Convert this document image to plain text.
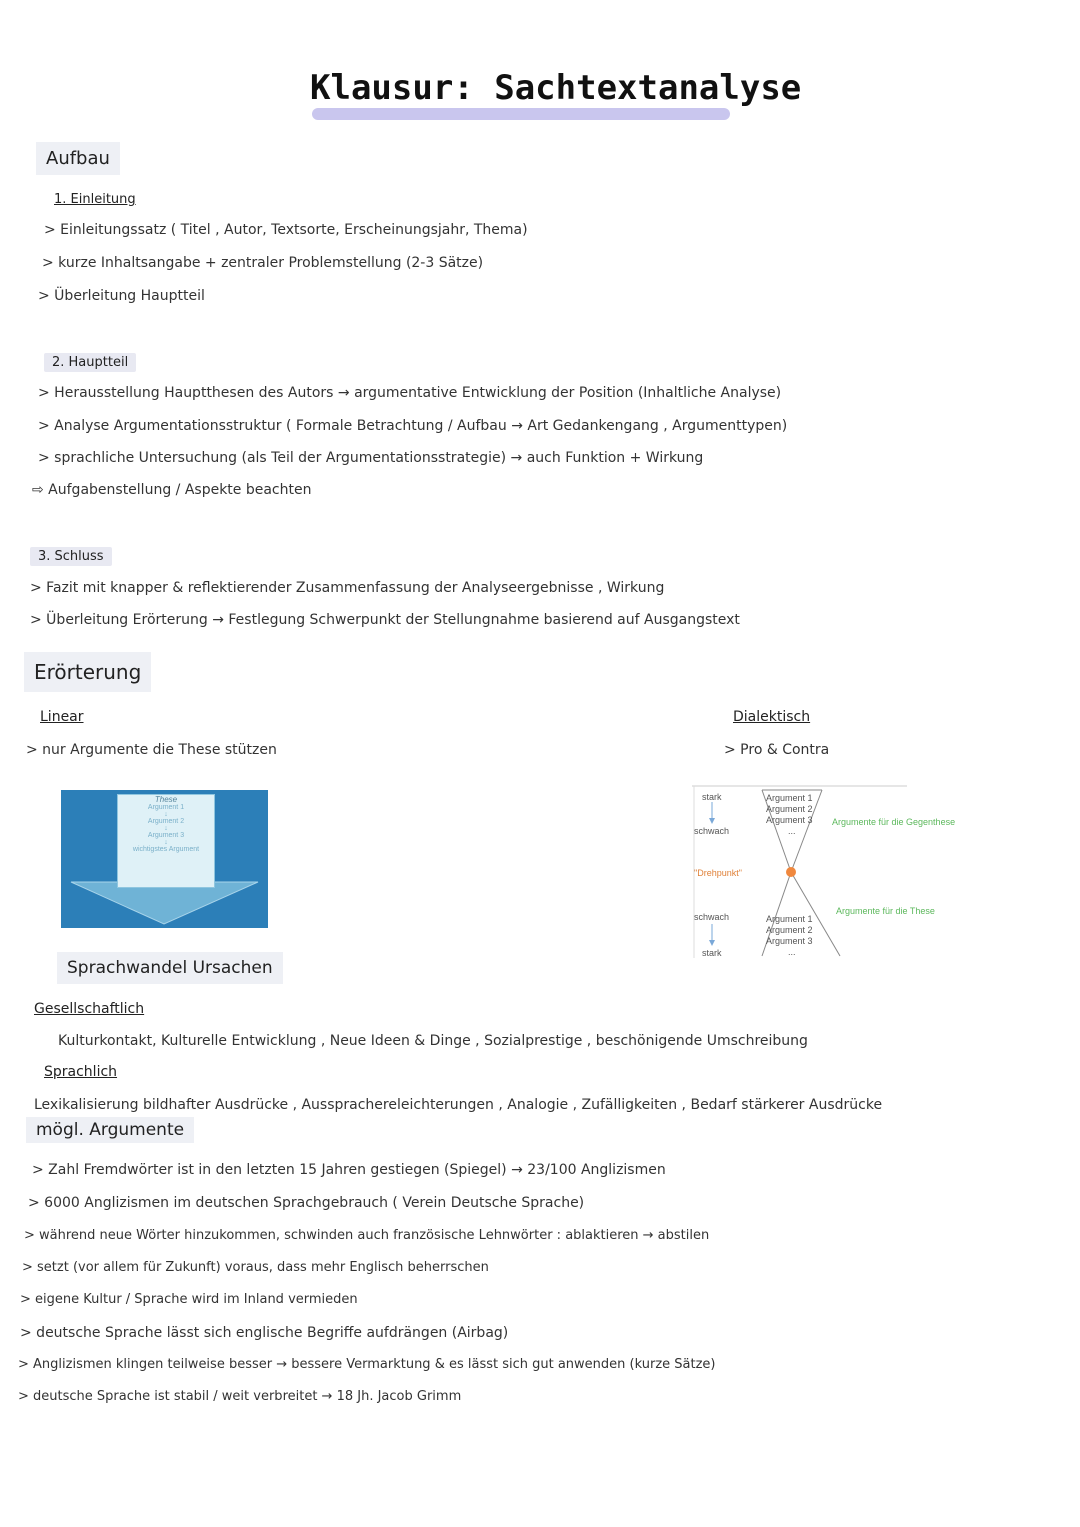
Klausur: Sachtextanalyse
Aufbau
1. Einleitung
> Einleitungssatz ( Titel , Autor, Textsorte, Erscheinungsjahr, Thema)
> kurze Inhaltsangabe + zentraler Problemstellung (2-3 Sätze)
> Überleitung Hauptteil
2. Hauptteil
> Herausstellung Hauptthesen des Autors → argumentative Entwicklung der Position (Inhaltliche Analyse)
> Analyse Argumentationsstruktur ( Formale Betrachtung / Aufbau → Art Gedankengang , Argumenttypen)
> sprachliche Untersuchung (als Teil der Argumentationsstrategie) → auch Funktion + Wirkung
⇨ Aufgabenstellung / Aspekte beachten
3. Schluss
> Fazit mit knapper & reflektierender Zusammenfassung der Analyseergebnisse , Wirkung
> Überleitung Erörterung → Festlegung Schwerpunkt der Stellungnahme basierend auf Ausgangstext
Erörterung
Linear
> nur Argumente die These stützen
Dialektisch
> Pro & Contra
These
Argument 1
↓
Argument 2
↓
Argument 3
↓
wichtigstes Argument
stark
schwach
"Drehpunkt"
schwach
stark
Argument 1
Argument 2
Argument 3
...
Argument 1
Argument 2
Argument 3
...
Argumente für die Gegenthese
Argumente für die These
Sprachwandel Ursachen
Gesellschaftlich
Kulturkontakt, Kulturelle Entwicklung , Neue Ideen & Dinge , Sozialprestige , beschönigende Umschreibung
Sprachlich
Lexikalisierung bildhafter Ausdrücke , Aussprachereleichterungen , Analogie , Zufälligkeiten , Bedarf stärkerer Ausdrücke
mögl. Argumente
> Zahl Fremdwörter ist in den letzten 15 Jahren gestiegen (Spiegel) → 23/100 Anglizismen
> 6000 Anglizismen im deutschen Sprachgebrauch ( Verein Deutsche Sprache)
> während neue Wörter hinzukommen, schwinden auch französische Lehnwörter : ablaktieren → abstilen
> setzt (vor allem für Zukunft) voraus, dass mehr Englisch beherrschen
> eigene Kultur / Sprache wird im Inland vermieden
> deutsche Sprache lässt sich englische Begriffe aufdrängen (Airbag)
> Anglizismen klingen teilweise besser → bessere Vermarktung & es lässt sich gut anwenden (kurze Sätze)
> deutsche Sprache ist stabil / weit verbreitet → 18 Jh. Jacob Grimm
